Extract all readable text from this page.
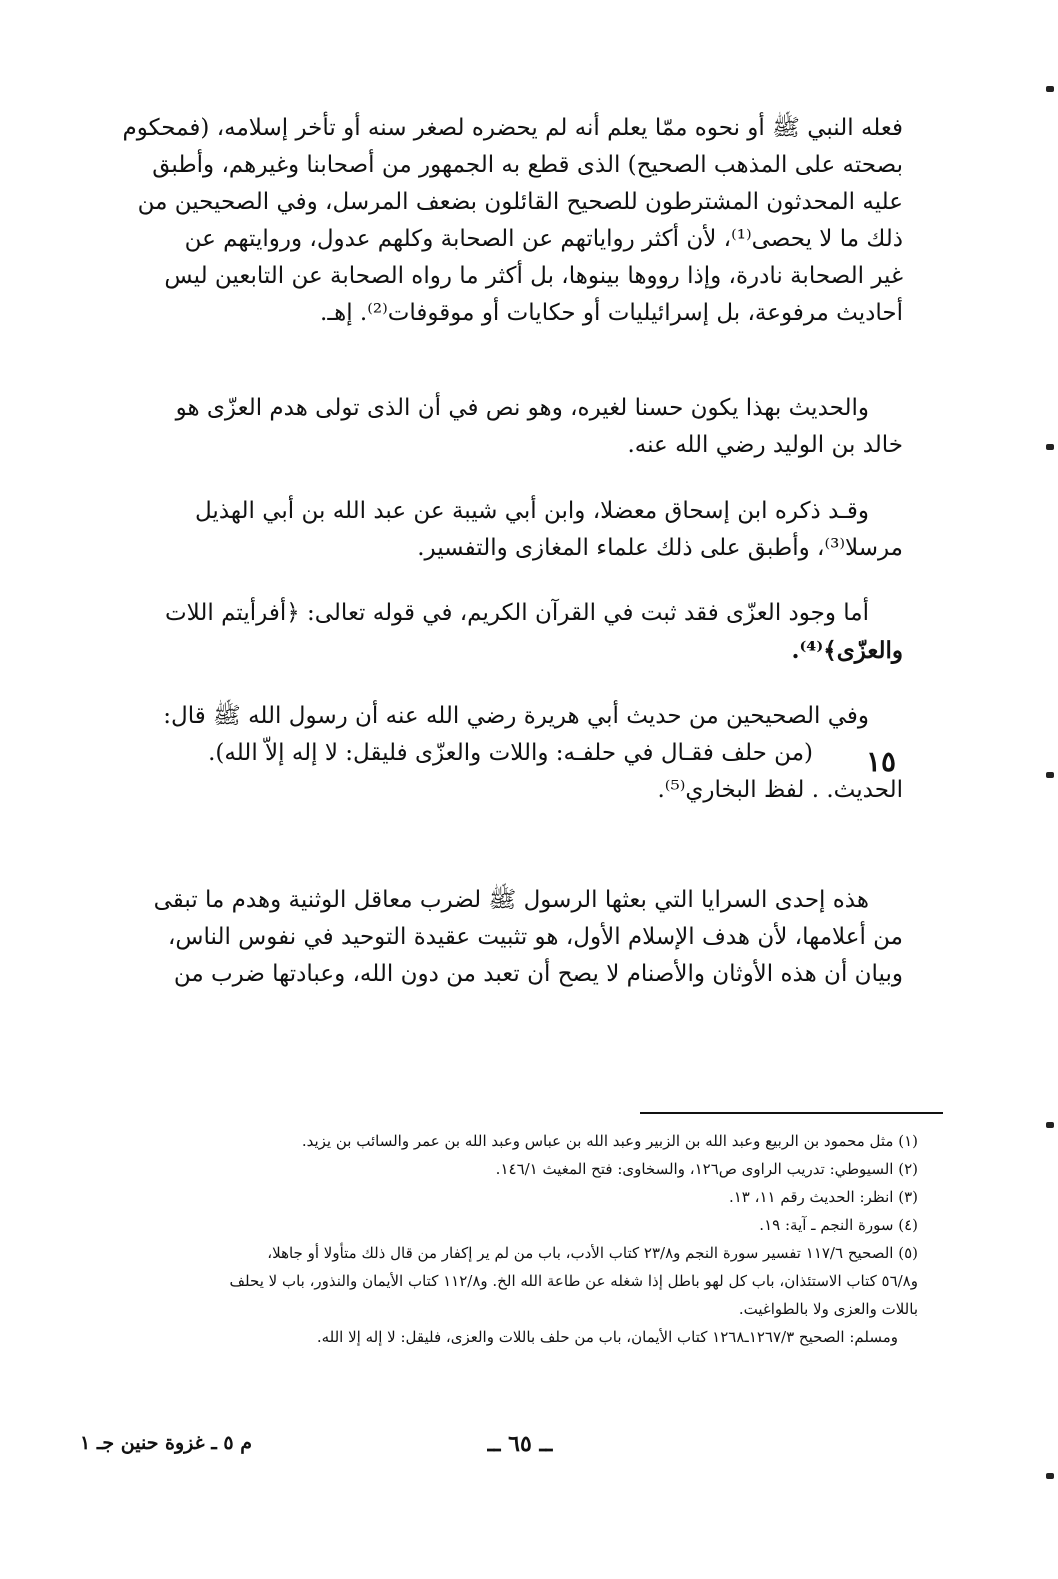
فعله النبي ﷺ أو نحوه ممّا يعلم أنه لم يحضره لصغر سنه أو تأخر إسلامه، (فمحكوم
بصحته على المذهب الصحيح) الذى قطع به الجمهور من أصحابنا وغيرهم، وأطبق
عليه المحدثون المشترطون للصحيح القائلون بضعف المرسل، وفي الصحيحين من
ذلك ما لا يحصى⁽¹⁾، لأن أكثر رواياتهم عن الصحابة وكلهم عدول، وروايتهم عن
غير الصحابة نادرة، وإذا رووها بينوها، بل أكثر ما رواه الصحابة عن التابعين ليس
أحاديث مرفوعة، بل إسرائيليات أو حكايات أو موقوفات⁽²⁾. إهـ.
والحديث بهذا يكون حسنا لغيره، وهو نص في أن الذى تولى هدم العزّى هو
خالد بن الوليد رضي الله عنه.
وقـد ذكره ابن إسحاق معضلا، وابن أبي شيبة عن عبد الله بن أبي الهذيل
مرسلا⁽³⁾، وأطبق على ذلك علماء المغازى والتفسير.
أما وجود العزّى فقد ثبت في القرآن الكريم، في قوله تعالى: ﴿أفرأيتم اللات
والعزّى﴾⁽⁴⁾.
وفي الصحيحين من حديث أبي هريرة رضي الله عنه أن رسول الله ﷺ قال:
(من حلف فقـال في حلفـه: واللات والعزّى فليقل: لا إله إلاّ الله).
الحديث. . لفظ البخاري⁽⁵⁾.
١٥
هذه إحدى السرايا التي بعثها الرسول ﷺ لضرب معاقل الوثنية وهدم ما تبقى
من أعلامها، لأن هدف الإسلام الأول، هو تثبيت عقيدة التوحيد في نفوس الناس،
وبيان أن هذه الأوثان والأصنام لا يصح أن تعبد من دون الله، وعبادتها ضرب من
(١) مثل محمود بن الربيع وعبد الله بن الزبير وعبد الله بن عباس وعبد الله بن عمر والسائب بن يزيد.
(٢) السيوطي: تدريب الراوى ص١٢٦، والسخاوى: فتح المغيث ١٤٦/١.
(٣) انظر: الحديث رقم ١١، ١٣.
(٤) سورة النجم ـ آية: ١٩.
(٥) الصحيح ١١٧/٦ تفسير سورة النجم و٢٣/٨ كتاب الأدب، باب من لم ير إكفار من قال ذلك متأولا أو جاهلا،
و٥٦/٨ كتاب الاستئذان، باب كل لهو باطل إذا شغله عن طاعة الله الخ. و١١٢/٨ كتاب الأيمان والنذور، باب لا يحلف
باللات والعزى ولا بالطواغيت.
ومسلم: الصحيح ١٢٦٧/٣ـ١٢٦٨ كتاب الأيمان، باب من حلف باللات والعزى، فليقل: لا إله إلا الله.
ــ ٦٥ ــ
م ٥ ـ غزوة حنين جـ ١
